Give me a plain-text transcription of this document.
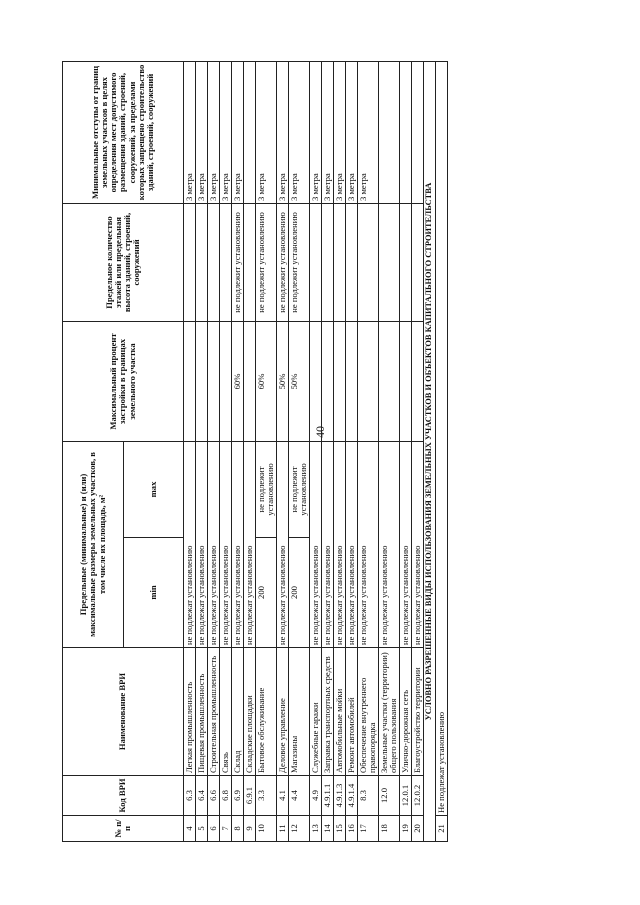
40
№ п/п	Код ВРИ	Наименование ВРИ	Предельные (минимальные) и (или) максимальные размеры земельных участков, в том числе их площадь, м²		Максимальный процент застройки в границах земельного участка	Предельное количество этажей или предельная высота зданий, строений, сооружений	Минимальные отступы от границ земельных участков в целях определения мест допустимого размещения зданий, строений, сооружений, за пределами которых запрещено строительство зданий, строений, сооружений
			min	max			
4	6.3	Легкая промышленность	не подлежат установлению				3 метра
5	6.4	Пищевая промышленность	не подлежат установлению				3 метра
6	6.6	Строительная промышленность	не подлежат установлению				3 метра
7	6.8	Связь	не подлежат установлению				3 метра
8	6.9	Склад	не подлежат установлению		60%	не подлежит установлению	3 метра
9	6.9.1	Складские площадки	не подлежат установлению				
10	3.3	Бытовое обслуживание	200	не подлежит установлению	60%	не подлежит установлению	3 метра
11	4.1	Деловое управление	не подлежат установлению		50%	не подлежит установлению	3 метра
12	4.4	Магазины	200	не подлежит установлению	50%	не подлежит установлению	3 метра
13	4.9	Служебные гаражи	не подлежат установлению				3 метра
14	4.9.1.1	Заправка транспортных средств	не подлежат установлению				3 метра
15	4.9.1.3	Автомобильные мойки	не подлежат установлению				3 метра
16	4.9.1.4	Ремонт автомобилей	не подлежат установлению				3 метра
17	8.3	Обеспечение внутреннего правопорядка	не подлежат установлению				3 метра
18	12.0	Земельные участки (территории) общего пользования	не подлежат установлению				
19	12.0.1	Улично-дорожная сеть	не подлежат установлению				
20	12.0.2	Благоустройство территории	не подлежат установлению				
УСЛОВНО РАЗРЕШЕННЫЕ ВИДЫ ИСПОЛЬЗОВАНИЯ ЗЕМЕЛЬНЫХ УЧАСТКОВ И ОБЪЕКТОВ КАПИТАЛЬНОГО СТРОИТЕЛЬСТВА							
21	Не подлежат установлению						
